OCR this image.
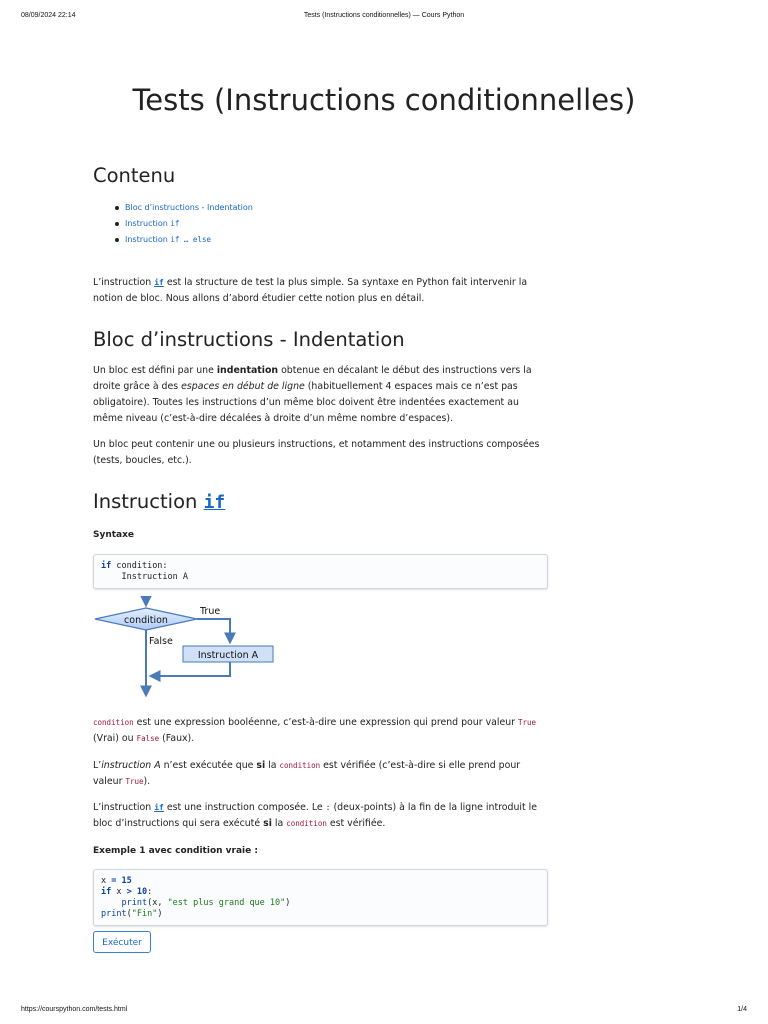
08/09/2024 22:14	Tests (Instructions conditionnelles) — Cours Python
Tests (Instructions conditionnelles)
Contenu
Bloc d’instructions - Indentation
Instruction if
Instruction if … else

L’instruction if est la structure de test la plus simple. Sa syntaxe en Python fait intervenir la notion de bloc. Nous allons d’abord étudier cette notion plus en détail.

Bloc d’instructions - Indentation

Un bloc est défini par une indentation obtenue en décalant le début des instructions vers la droite grâce à des espaces en début de ligne (habituellement 4 espaces mais ce n’est pas obligatoire). Toutes les instructions d’un même bloc doivent être indentées exactement au même niveau (c’est-à-dire décalées à droite d’un même nombre d’espaces).

Un bloc peut contenir une ou plusieurs instructions, et notamment des instructions composées (tests, boucles, etc.).

Instruction if
Syntaxe
if condition:
Instruction A
condition
True
Instruction A
False

condition est une expression booléenne, c’est-à-dire une expression qui prend pour valeur True (Vrai) ou False (Faux).

L’instruction A n’est exécutée que si la condition est vérifiée (c’est-à-dire si elle prend pour valeur True).

L’instruction if est une instruction composée. Le : (deux-points) à la fin de la ligne introduit le bloc d’instructions qui sera exécuté si la condition est vérifiée.

Exemple 1 avec condition vraie :
x = 15
if x > 10:
print(x, "est plus grand que 10")
print("Fin")
Exécuter
https://courspython.com/tests.html	1/4
